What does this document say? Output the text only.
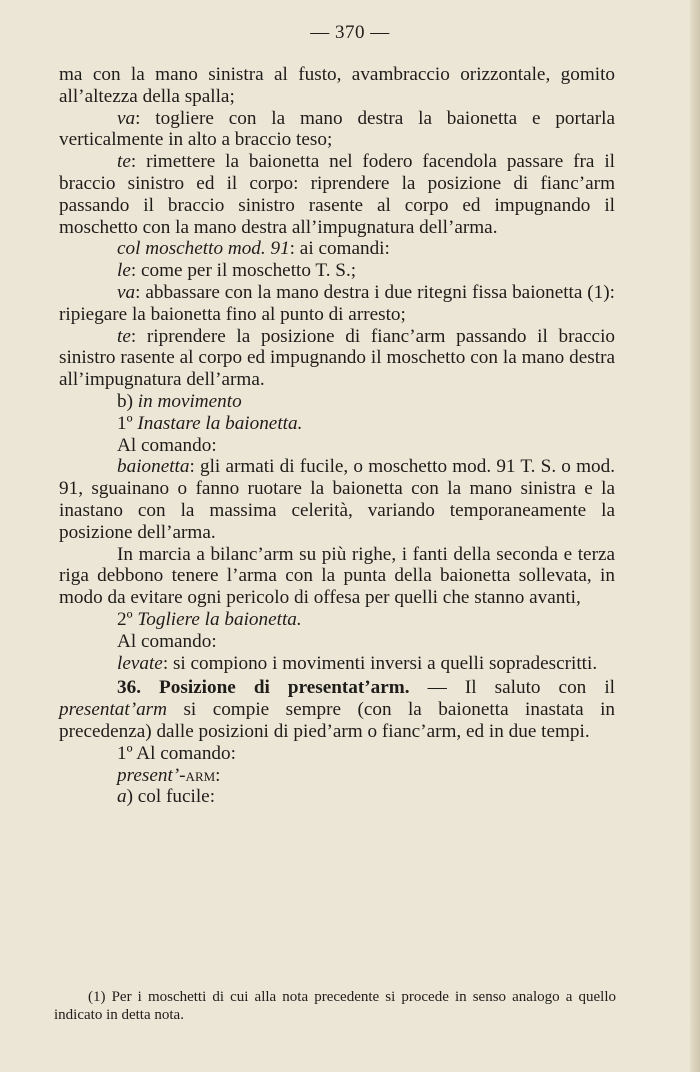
— 370 —

ma con la mano sinistra al fusto, avambraccio orizzontale, gomito all’altezza della spalla;

va: togliere con la mano destra la baionetta e portarla verticalmente in alto a braccio teso;

te: rimettere la baionetta nel fodero facendola passare fra il braccio sinistro ed il corpo: riprendere la posizione di fianc’arm passando il braccio sinistro rasente al corpo ed impugnando il moschetto con la mano destra all’impugnatura dell’arma.

col moschetto mod. 91: ai comandi:

le: come per il moschetto T. S.;

va: abbassare con la mano destra i due ritegni fissa baionetta (1): ripiegare la baionetta fino al punto di arresto;

te: riprendere la posizione di fianc’arm passando il braccio sinistro rasente al corpo ed impugnando il moschetto con la mano destra all’impugnatura dell’arma.

b) in movimento

1º Inastare la baionetta.

Al comando:

baionetta: gli armati di fucile, o moschetto mod. 91 T. S. o mod. 91, sguainano o fanno ruotare la baionetta con la mano sinistra e la inastano con la massima celerità, variando temporaneamente la posizione dell’arma.

In marcia a bilanc’arm su più righe, i fanti della seconda e terza riga debbono tenere l’arma con la punta della baionetta sollevata, in modo da evitare ogni pericolo di offesa per quelli che stanno avanti,

2º Togliere la baionetta.

Al comando:

levate: si compiono i movimenti inversi a quelli sopradescritti.

36. Posizione di presentat’arm. — Il saluto con il presentat’arm si compie sempre (con la baionetta inastata in precedenza) dalle posizioni di pied’arm o fianc’arm, ed in due tempi.

1º Al comando:

present’-arm:

a) col fucile:

(1) Per i moschetti di cui alla nota precedente si procede in senso analogo a quello indicato in detta nota.
